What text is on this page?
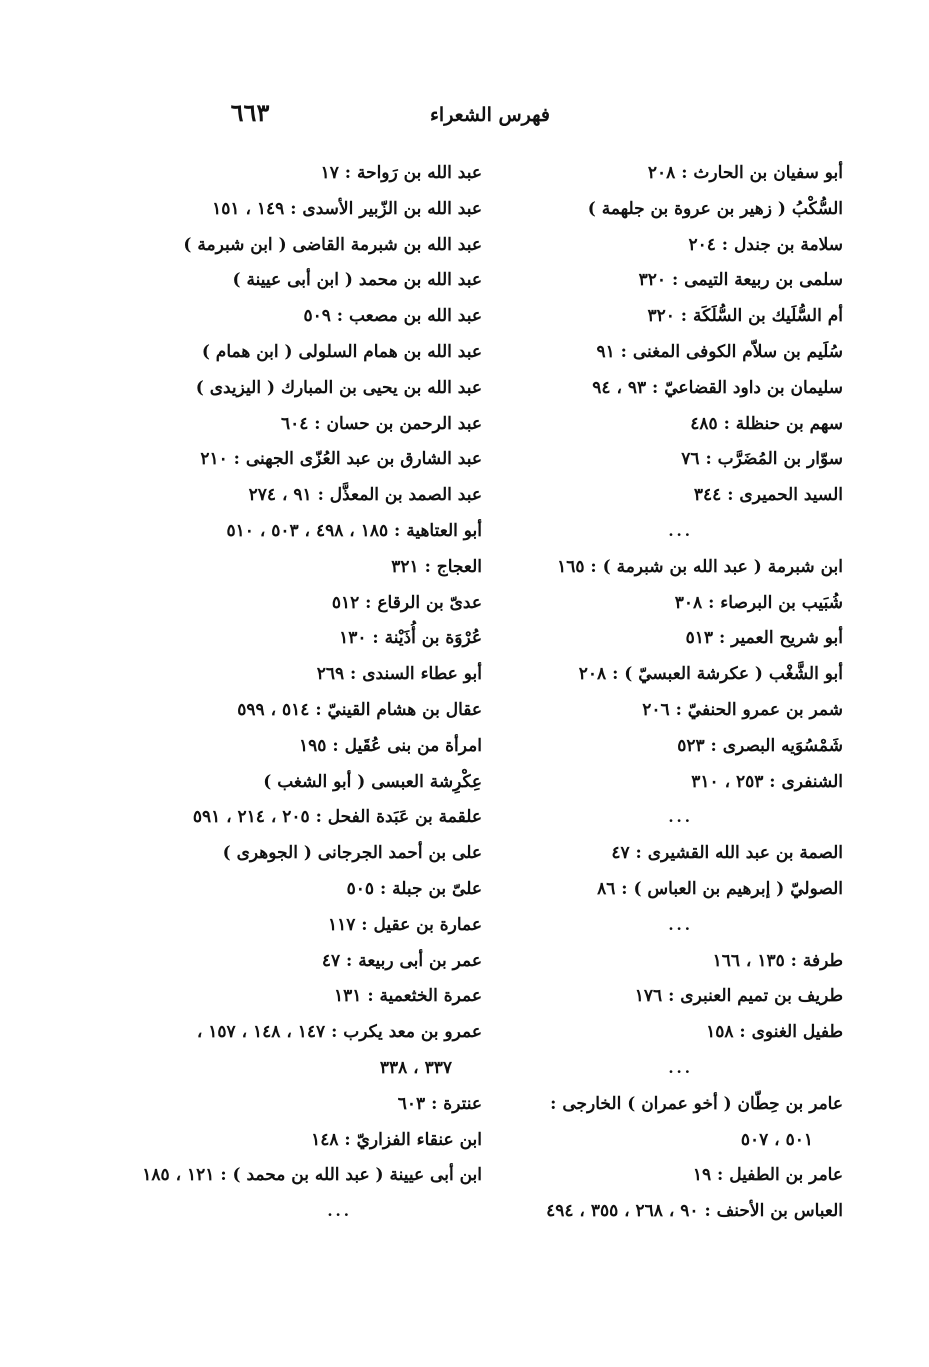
فهرس الشعراء
٦٦٣
أبو سفيان بن الحارث : ٢٠٨
السُّكْبُ ( زهير بن عروة بن جلهمة )
سلامة بن جندل : ٢٠٤
سلمى بن ربيعة التيمى : ٣٢٠
أم السُّلَيك بن السُّلَكَة : ٣٢٠
سُلَيم بن سلاّم الكوفى المغنى : ٩١
سليمان بن داود القضاعيّ : ٩٣ ، ٩٤
سهم بن حنظلة : ٤٨٥
سوّار بن المُضَرَّب : ٧٦
السيد الحميرى : ٣٤٤
...
ابن شبرمة ( عبد الله بن شبرمة ) : ١٦٥
شُبَيب بن البرصاء : ٣٠٨
أبو شريح العمير : ٥١٣
أبو الشَّغْب ( عكرشة العبسيّ ) : ٢٠٨
شمر بن عمرو الحنفيّ : ٢٠٦
شَمْسُوَيه البصرى : ٥٢٣
الشنفرى : ٢٥٣ ، ٣١٠
...
الصمة بن عبد الله القشيرى : ٤٧
الصوليّ ( إبرهيم بن العباس ) : ٨٦
...
طرفة : ١٣٥ ، ١٦٦
طريف بن تميم العنبرى : ١٧٦
طفيل الغنوى : ١٥٨
...
عامر بن حِطّان ( أخو عمران ) الخارجى :
٥٠١ ، ٥٠٧
عامر بن الطفيل : ١٩
العباس بن الأحنف : ٩٠ ، ٢٦٨ ، ٣٥٥ ، ٤٩٤
عبد الله بن رَواحة : ١٧
عبد الله بن الزّبير الأسدى : ١٤٩ ، ١٥١
عبد الله بن شبرمة القاضى ( ابن شبرمة )
عبد الله بن محمد ( ابن أبى عيينة )
عبد الله بن مصعب : ٥٠٩
عبد الله بن همام السلولى ( ابن همام )
عبد الله بن يحيى بن المبارك ( اليزيدى )
عبد الرحمن بن حسان : ٦٠٤
عبد الشارق بن عبد العُزّى الجهنى : ٢١٠
عبد الصمد بن المعذَّل : ٩١ ، ٢٧٤
أبو العتاهية : ١٨٥ ، ٤٩٨ ، ٥٠٣ ، ٥١٠
العجاج : ٣٢١
عدىّ بن الرقاع : ٥١٢
عُرْوَة بن أُذَيْنة : ١٣٠
أبو عطاء السندى : ٢٦٩
عقال بن هشام القينيّ : ٥١٤ ، ٥٩٩
امرأة من بنى عُقَيل : ١٩٥
عِكْرِشة العبسى ( أبو الشغب )
علقمة بن عَبَدة الفحل : ٢٠٥ ، ٢١٤ ، ٥٩١
على بن أحمد الجرجانى ( الجوهرى )
علىّ بن جبلة : ٥٠٥
عمارة بن عقيل : ١١٧
عمر بن أبى ربيعة : ٤٧
عمرة الخثعمية : ١٣١
عمرو بن معد يكرب : ١٤٧ ، ١٤٨ ، ١٥٧ ،
٣٣٧ ، ٣٣٨
عنترة : ٦٠٣
ابن عنقاء الفزاريّ : ١٤٨
ابن أبى عيينة ( عبد الله بن محمد ) : ١٢١ ، ١٨٥
...
